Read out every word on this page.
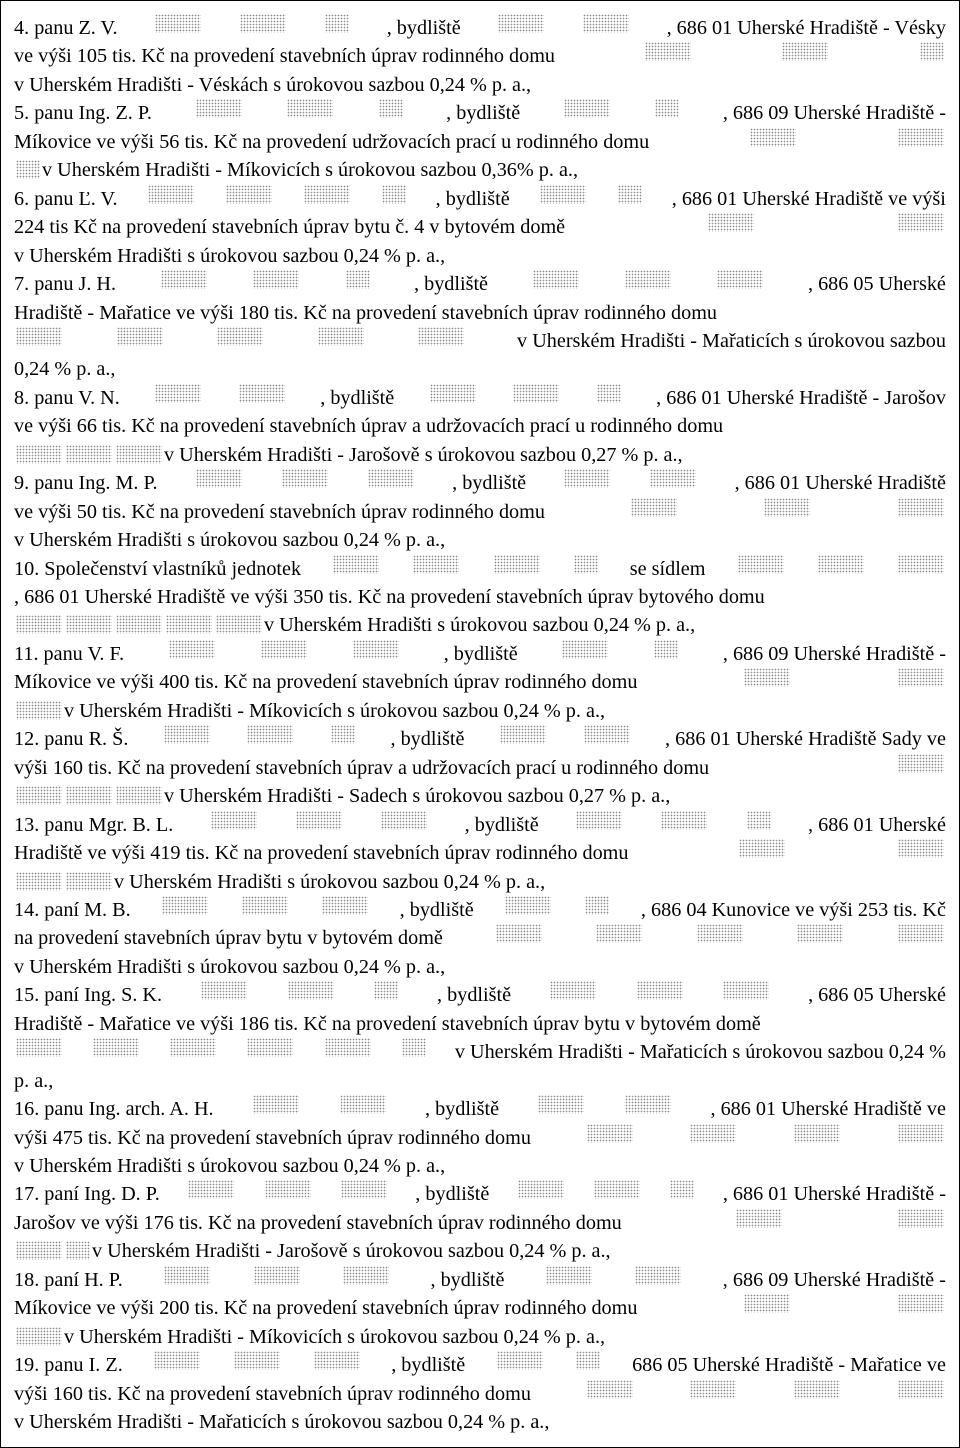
4. panu Z. V.	, bydliště	, 686 01 Uherské Hradiště - Vésky
ve výši 105 tis. Kč na provedení stavebních úprav rodinného domu
v Uherském Hradišti - Véskách s úrokovou sazbou 0,24 % p. a.,
5. panu Ing. Z. P.	, bydliště	, 686 09 Uherské Hradiště -
Míkovice ve výši 56 tis. Kč na provedení udržovacích prací u rodinného domu
v Uherském Hradišti - Míkovicích s úrokovou sazbou 0,36% p. a.,
6. panu Ľ. V.	, bydliště	, 686 01 Uherské Hradiště ve výši
224 tis Kč na provedení stavebních úprav bytu č. 4 v bytovém domě
v Uherském Hradišti s úrokovou sazbou 0,24 % p. a.,
7. panu J. H.	, bydliště	, 686 05 Uherské
Hradiště - Mařatice ve výši 180 tis. Kč na provedení stavebních úprav rodinného domu
v Uherském Hradišti - Mařaticích s úrokovou sazbou
0,24 % p. a.,
8. panu V. N.	, bydliště	, 686 01 Uherské Hradiště - Jarošov
ve výši 66 tis. Kč na provedení stavebních úprav a udržovacích prací u rodinného domu
v Uherském Hradišti - Jarošově s úrokovou sazbou 0,27 % p. a.,
9. panu Ing. M. P.	, bydliště	, 686 01 Uherské Hradiště
ve výši 50 tis. Kč na provedení stavebních úprav rodinného domu
v Uherském Hradišti s úrokovou sazbou 0,24 % p. a.,
10. Společenství vlastníků jednotek	se sídlem
, 686 01 Uherské Hradiště ve výši 350 tis. Kč na provedení stavebních úprav bytového domu
v Uherském Hradišti s úrokovou sazbou 0,24 % p. a.,
11. panu V. F.	, bydliště	, 686 09 Uherské Hradiště -
Míkovice ve výši 400 tis. Kč na provedení stavebních úprav rodinného domu
v Uherském Hradišti - Míkovicích s úrokovou sazbou 0,24 % p. a.,
12. panu R. Š.	, bydliště	, 686 01 Uherské Hradiště Sady ve
výši 160 tis. Kč na provedení stavebních úprav a udržovacích prací u rodinného domu
v Uherském Hradišti - Sadech s úrokovou sazbou 0,27 % p. a.,
13. panu Mgr. B. L.	, bydliště	, 686 01 Uherské
Hradiště ve výši 419 tis. Kč na provedení stavebních úprav rodinného domu
v Uherském Hradišti s úrokovou sazbou 0,24 % p. a.,
14. paní M. B.	, bydliště	, 686 04 Kunovice ve výši 253 tis. Kč
na provedení stavebních úprav bytu v bytovém domě
v Uherském Hradišti s úrokovou sazbou 0,24 % p. a.,
15. paní Ing. S. K.	, bydliště	, 686 05 Uherské
Hradiště - Mařatice ve výši 186 tis. Kč na provedení stavebních úprav bytu v bytovém domě
v Uherském Hradišti - Mařaticích s úrokovou sazbou 0,24 %
p. a.,
16. panu Ing. arch. A. H.	, bydliště	, 686 01 Uherské Hradiště ve
výši 475 tis. Kč na provedení stavebních úprav rodinného domu
v Uherském Hradišti s úrokovou sazbou 0,24 % p. a.,
17. paní Ing. D. P.	, bydliště	, 686 01 Uherské Hradiště -
Jarošov ve výši 176 tis. Kč na provedení stavebních úprav rodinného domu
v Uherském Hradišti - Jarošově s úrokovou sazbou 0,24 % p. a.,
18. paní H. P.	, bydliště	, 686 09 Uherské Hradiště -
Míkovice ve výši 200 tis. Kč na provedení stavebních úprav rodinného domu
v Uherském Hradišti - Míkovicích s úrokovou sazbou 0,24 % p. a.,
19. panu I. Z.	, bydliště	686 05 Uherské Hradiště - Mařatice ve
výši 160 tis. Kč na provedení stavebních úprav rodinného domu
v Uherském Hradišti - Mařaticích s úrokovou sazbou 0,24 % p. a.,
